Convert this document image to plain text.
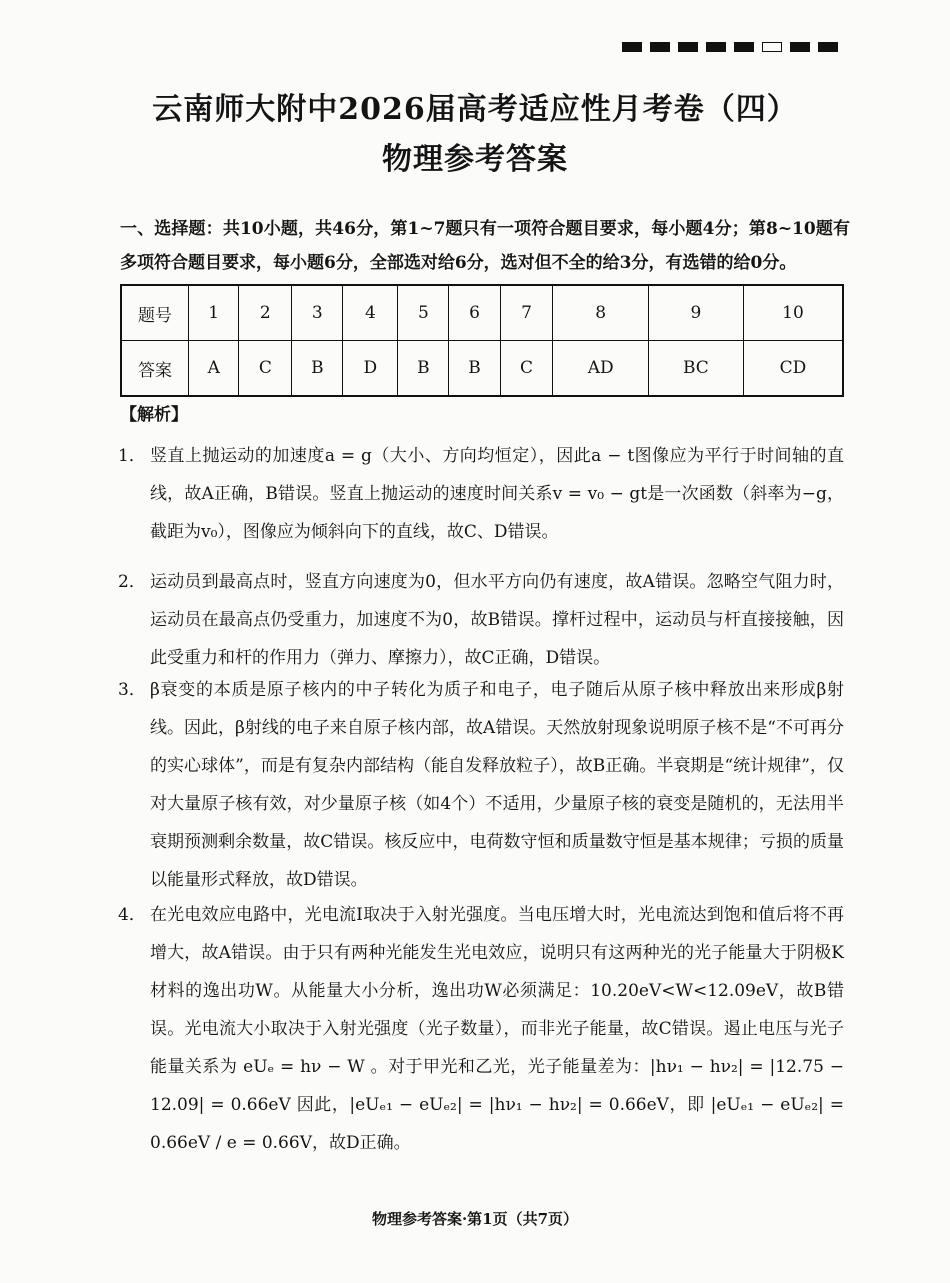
云南师大附中2026届高考适应性月考卷（四）
物理参考答案
一、选择题：共10小题，共46分，第1~7题只有一项符合题目要求，每小题4分；第8~10题有多项符合题目要求，每小题6分，全部选对给6分，选对但不全的给3分，有选错的给0分。
题号	1	2	3	4	5	6	7	8	9	10
答案	A	C	B	D	B	B	C	AD	BC	CD
【解析】
1． 竖直上抛运动的加速度a = g（大小、方向均恒定），因此a − t图像应为平行于时间轴的直线，故A正确，B错误。竖直上抛运动的速度时间关系v = v₀ − gt是一次函数（斜率为−g，截距为v₀），图像应为倾斜向下的直线，故C、D错误。
2． 运动员到最高点时，竖直方向速度为0，但水平方向仍有速度，故A错误。忽略空气阻力时，运动员在最高点仍受重力，加速度不为0，故B错误。撑杆过程中，运动员与杆直接接触，因此受重力和杆的作用力（弹力、摩擦力），故C正确，D错误。
3． β衰变的本质是原子核内的中子转化为质子和电子，电子随后从原子核中释放出来形成β射线。因此，β射线的电子来自原子核内部，故A错误。天然放射现象说明原子核不是“不可再分的实心球体”，而是有复杂内部结构（能自发释放粒子），故B正确。半衰期是“统计规律”，仅对大量原子核有效，对少量原子核（如4个）不适用，少量原子核的衰变是随机的，无法用半衰期预测剩余数量，故C错误。核反应中，电荷数守恒和质量数守恒是基本规律；亏损的质量以能量形式释放，故D错误。
4． 在光电效应电路中，光电流I取决于入射光强度。当电压增大时，光电流达到饱和值后将不再增大，故A错误。由于只有两种光能发生光电效应，说明只有这两种光的光子能量大于阴极K材料的逸出功W。从能量大小分析，逸出功W必须满足：10.20eV<W<12.09eV，故B错误。光电流大小取决于入射光强度（光子数量），而非光子能量，故C错误。遏止电压与光子能量关系为 eUₑ = hν − W 。对于甲光和乙光，光子能量差为：|hν₁ − hν₂| = |12.75 − 12.09| = 0.66eV 因此，|eUₑ₁ − eUₑ₂| = |hν₁ − hν₂| = 0.66eV，即 |eUₑ₁ − eUₑ₂| = 0.66eV / e = 0.66V，故D正确。
物理参考答案·第1页（共7页）
